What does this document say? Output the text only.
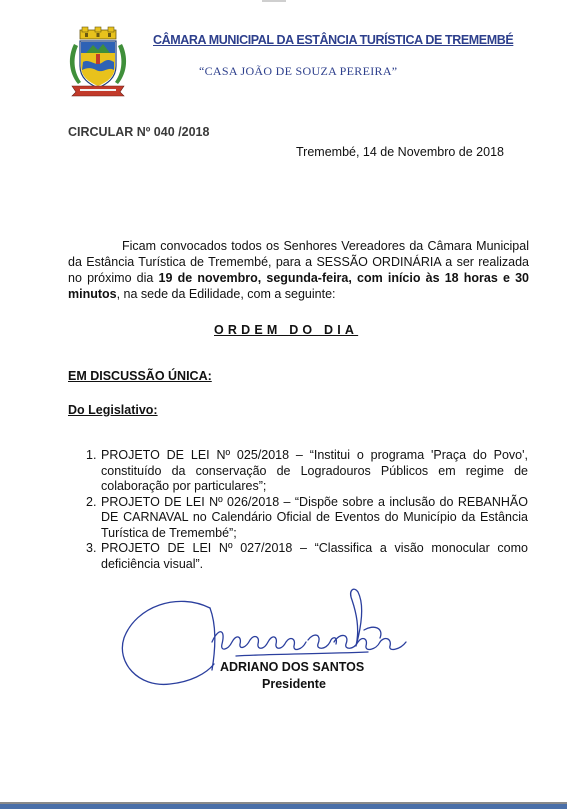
CÂMARA MUNICIPAL DA ESTÂNCIA TURÍSTICA DE TREMEMBÉ

“CASA JOÃO DE SOUZA PEREIRA”

CIRCULAR Nº 040 /2018
Tremembé, 14 de Novembro de 2018

Ficam convocados todos os Senhores Vereadores da Câmara Municipal da Estância Turística de Tremembé, para a SESSÃO ORDINÁRIA a ser realizada no próximo dia 19 de novembro, segunda-feira, com início às 18 horas e 30 minutos, na sede da Edilidade, com a seguinte:

ORDEM DO DIA

EM DISCUSSÃO ÚNICA:

Do Legislativo:

1. PROJETO DE LEI Nº 025/2018 – “Institui o programa 'Praça do Povo', constituído da conservação de Logradouros Públicos em regime de colaboração por particulares”;
2. PROJETO DE LEI Nº 026/2018 – “Dispõe sobre a inclusão do REBANHÃO DE CARNAVAL no Calendário Oficial de Eventos do Município da Estância Turística de Tremembé”;
3. PROJETO DE LEI Nº 027/2018 – “Classifica a visão monocular como deficiência visual”.

ADRIANO DOS SANTOS

Presidente
